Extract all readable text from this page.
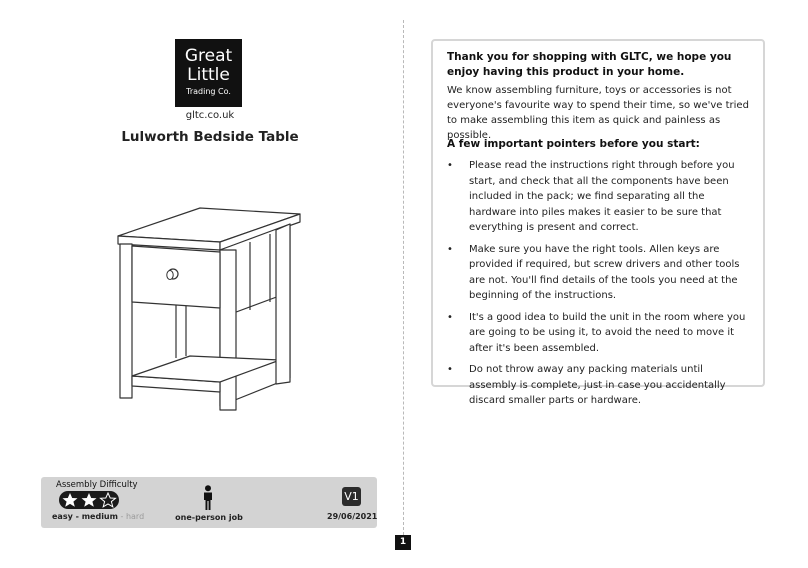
Great
Little
Trading Co.
gltc.co.uk
Lulworth Bedside Table
Assembly Difficulty
easy - medium - hard	one-person job
V1
29/06/2021
1
Thank you for shopping with GLTC, we hope you enjoy having this product in your home.
We know assembling furniture, toys or accessories is not everyone's favourite way to spend their time, so we've tried to make assembling this item as quick and painless as possible.
A few important pointers before you start:
• Please read the instructions right through before you start, and check that all the components have been included in the pack; we find separating all the hardware into piles makes it easier to be sure that everything is present and correct.
• Make sure you have the right tools. Allen keys are provided if required, but screw drivers and other tools are not. You'll find details of the tools you need at the beginning of the instructions.
• It's a good idea to build the unit in the room where you are going to be using it, to avoid the need to move it after it's been assembled.
• Do not throw away any packing materials until assembly is complete, just in case you accidentally discard smaller parts or hardware.
